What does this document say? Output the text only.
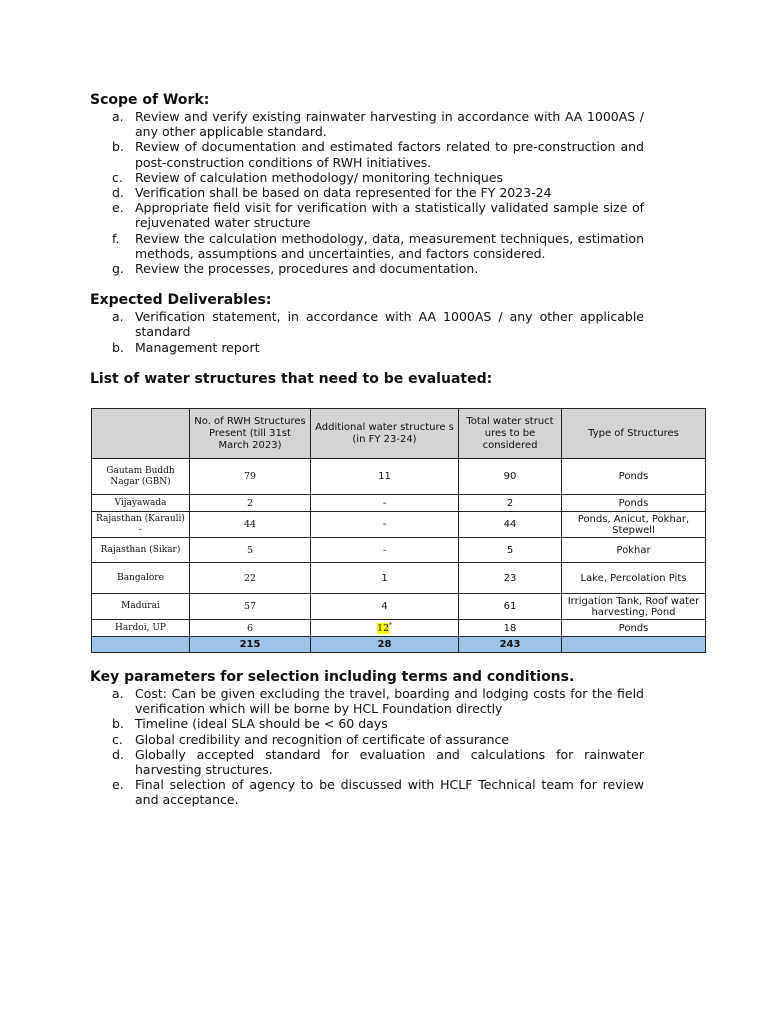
Scope of Work:
a. Review and verify existing rainwater harvesting in accordance with AA 1000AS / any other applicable standard.
b. Review of documentation and estimated factors related to pre-construction and post-construction conditions of RWH initiatives.
c. Review of calculation methodology/ monitoring techniques
d. Verification shall be based on data represented for the FY 2023-24
e. Appropriate field visit for verification with a statistically validated sample size of rejuvenated water structure
f. Review the calculation methodology, data, measurement techniques, estimation methods, assumptions and uncertainties, and factors considered.
g. Review the processes, procedures and documentation.
Expected Deliverables:
a. Verification statement, in accordance with AA 1000AS / any other applicable standard
b. Management report
List of water structures that need to be evaluated:
	No. of RWH Structures Present (till 31st March 2023)	Additional water structure s (in FY 23-24)	Total water struct ures to be considered	Type of Structures
Gautam Buddh Nagar (GBN)	79	11	90	Ponds
Vijayawada	2	-	2	Ponds
Rajasthan (Karauli) -	44	-	44	Ponds, Anicut, Pokhar, Stepwell
Rajasthan (Sikar)	5	-	5	Pokhar
Bangalore	22	1	23	Lake, Percolation Pits
Madurai	57	4	61	Irrigation Tank, Roof water harvesting, Pond
Hardoi, UP	6	12*	18	Ponds
	215	28	243	
Key parameters for selection including terms and conditions.
a. Cost: Can be given excluding the travel, boarding and lodging costs for the field verification which will be borne by HCL Foundation directly
b. Timeline (ideal SLA should be < 60 days
c. Global credibility and recognition of certificate of assurance
d. Globally accepted standard for evaluation and calculations for rainwater harvesting structures.
e. Final selection of agency to be discussed with HCLF Technical team for review and acceptance.
